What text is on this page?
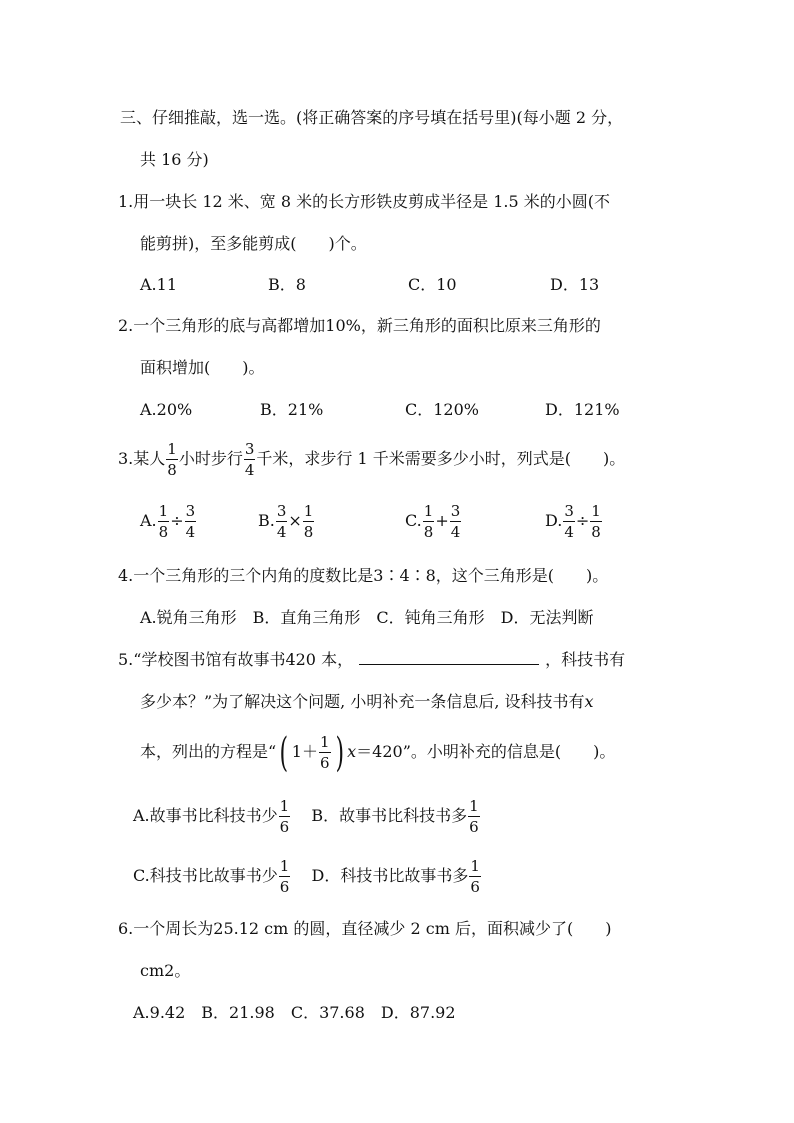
三、仔细推敲，选一选。(将正确答案的序号填在括号里)(每小题 2 分，
共 16 分)
1.用一块长 12 米、宽 8 米的长方形铁皮剪成半径是 1.5 米的小圆(不
能剪拼)，至多能剪成(　　)个。
A.11	B．8	C．10	D．13
2.一个三角形的底与高都增加10%，新三角形的面积比原来三角形的
面积增加(　　)。
A.20%	B．21%	C．120%	D．121%
3.某人 $\frac{1}{8}$ 小时步行 $\frac{3}{4}$ 千米，求步行 1 千米需要多少小时，列式是(　　)。
A. $\frac{1}{8} \div \frac{3}{4}$	B. $\frac{3}{4} \times \frac{1}{8}$	C. $\frac{1}{8} + \frac{3}{4}$	D. $\frac{3}{4} \div \frac{1}{8}$
4.一个三角形的三个内角的度数比是3∶4∶8，这个三角形是(　　)。
A.锐角三角形　B．直角三角形　C．钝角三角形　D．无法判断
5.“学校图书馆有故事书420 本，	，科技书有
多少本？”为了解决这个问题, 小明补充一条信息后, 设科技书有x
本，列出的方程是“( $1+ \frac{1}{6}$ ) x＝420”。小明补充的信息是(　　)。
A.故事书比科技书少 $\frac{1}{6}$ B．故事书比科技书多 $\frac{1}{6}$
C.科技书比故事书少 $\frac{1}{6}$ D．科技书比故事书多 $\frac{1}{6}$
6.一个周长为25.12 cm 的圆，直径减少 2 cm 后，面积减少了(　　)
cm2。
A.9.42　B．21.98　C．37.68　D．87.92
